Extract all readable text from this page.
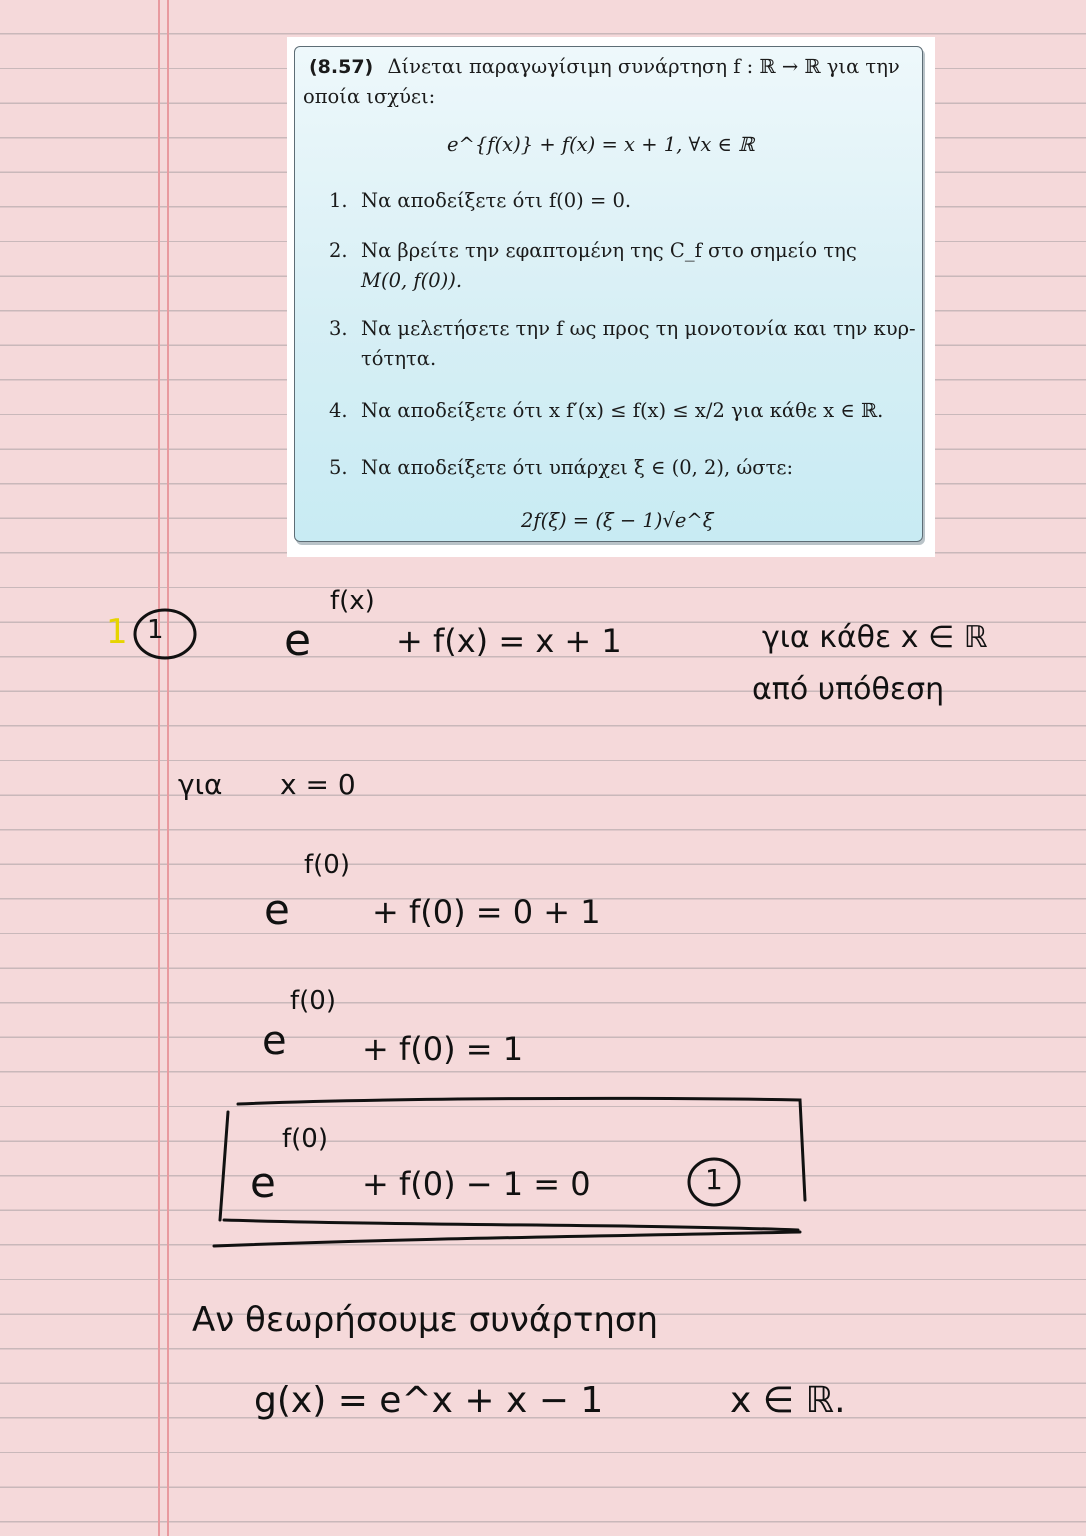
(8.57) Δίνεται παραγωγίσιμη συνάρτηση f : ℝ → ℝ για την
οποία ισχύει:
e^{f(x)} + f(x) = x + 1, ∀x ∈ ℝ
1. Να αποδείξετε ότι f(0) = 0.
2. Να βρείτε την εφαπτομένη της C_f στο σημείο της
M(0, f(0)).
3. Να μελετήσετε την f ως προς τη μονοτονία και την κυρ-
τότητα.
4. Να αποδείξετε ότι x f′(x) ≤ f(x) ≤ x/2 για κάθε x ∈ ℝ.
5. Να αποδείξετε ότι υπάρχει ξ ∈ (0, 2), ώστε:
2f(ξ) = (ξ − 1)√e^ξ
1 1	e
f(x)
+ f(x) = x + 1	για κάθε x ∈ ℝ
από υπόθεση
για x = 0
e
f(0)
+ f(0) = 0 + 1
e
f(0)
+ f(0) = 1
e
f(0)
+ f(0) − 1 = 0	1
Αν θεωρήσουμε συνάρτηση
g(x) = e^x + x − 1	x ∈ ℝ.
